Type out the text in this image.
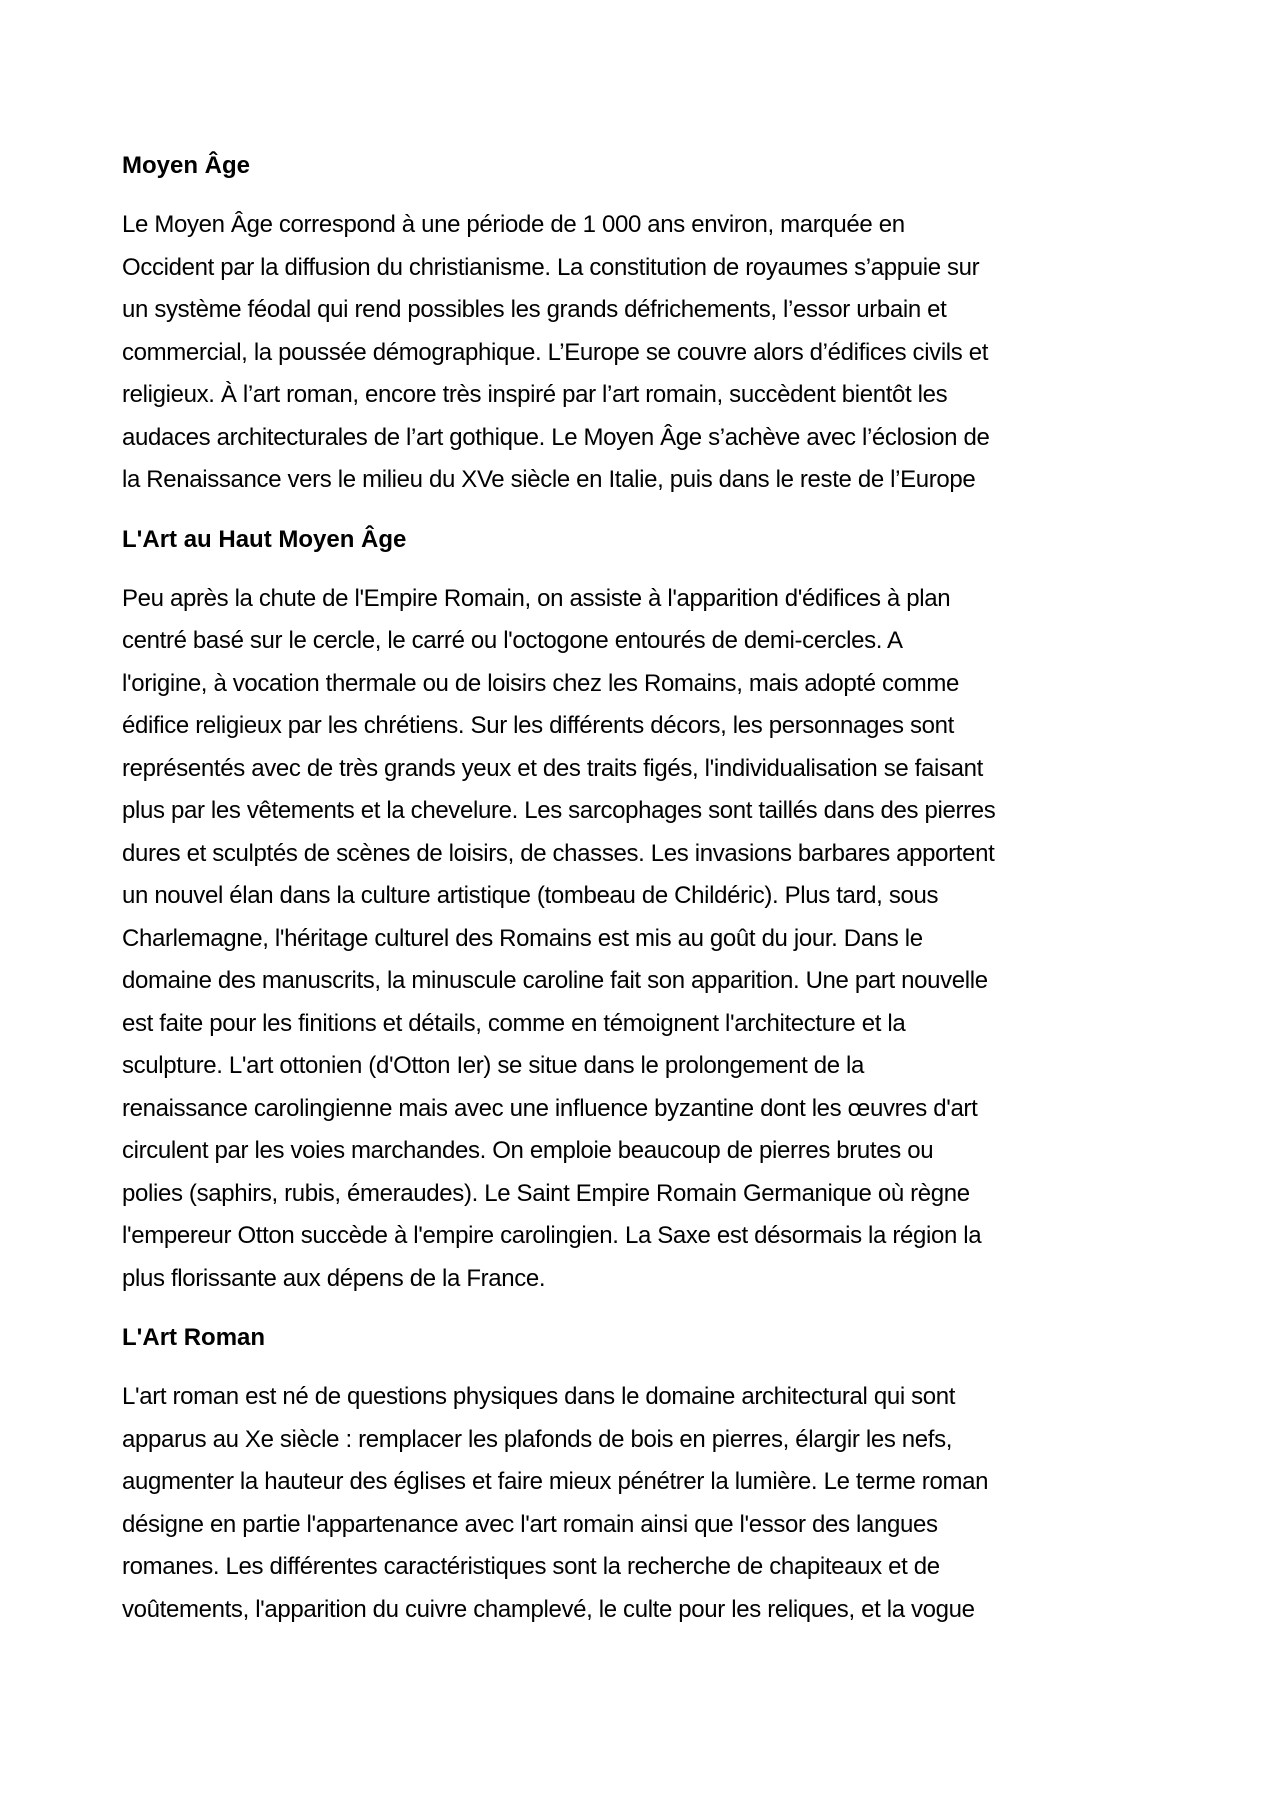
Moyen Âge
Le Moyen Âge correspond à une période de 1 000 ans environ, marquée en
Occident par la diffusion du christianisme. La constitution de royaumes s’appuie sur
un système féodal qui rend possibles les grands défrichements, l’essor urbain et
commercial, la poussée démographique. L’Europe se couvre alors d’édifices civils et
religieux. À l’art roman, encore très inspiré par l’art romain, succèdent bientôt les
audaces architecturales de l’art gothique. Le Moyen Âge s’achève avec l’éclosion de
la Renaissance vers le milieu du XVe siècle en Italie, puis dans le reste de l’Europe
L'Art au Haut Moyen Âge
Peu après la chute de l'Empire Romain, on assiste à l'apparition d'édifices à plan
centré basé sur le cercle, le carré ou l'octogone entourés de demi-cercles. A
l'origine, à vocation thermale ou de loisirs chez les Romains, mais adopté comme
édifice religieux par les chrétiens. Sur les différents décors, les personnages sont
représentés avec de très grands yeux et des traits figés, l'individualisation se faisant
plus par les vêtements et la chevelure. Les sarcophages sont taillés dans des pierres
dures et sculptés de scènes de loisirs, de chasses. Les invasions barbares apportent
un nouvel élan dans la culture artistique (tombeau de Childéric). Plus tard, sous
Charlemagne, l'héritage culturel des Romains est mis au goût du jour. Dans le
domaine des manuscrits, la minuscule caroline fait son apparition. Une part nouvelle
est faite pour les finitions et détails, comme en témoignent l'architecture et la
sculpture. L'art ottonien (d'Otton Ier) se situe dans le prolongement de la
renaissance carolingienne mais avec une influence byzantine dont les œuvres d'art
circulent par les voies marchandes. On emploie beaucoup de pierres brutes ou
polies (saphirs, rubis, émeraudes). Le Saint Empire Romain Germanique où règne
l'empereur Otton succède à l'empire carolingien. La Saxe est désormais la région la
plus florissante aux dépens de la France.
L'Art Roman
L'art roman est né de questions physiques dans le domaine architectural qui sont
apparus au Xe siècle : remplacer les plafonds de bois en pierres, élargir les nefs,
augmenter la hauteur des églises et faire mieux pénétrer la lumière. Le terme roman
désigne en partie l'appartenance avec l'art romain ainsi que l'essor des langues
romanes. Les différentes caractéristiques sont la recherche de chapiteaux et de
voûtements, l'apparition du cuivre champlevé, le culte pour les reliques, et la vogue
